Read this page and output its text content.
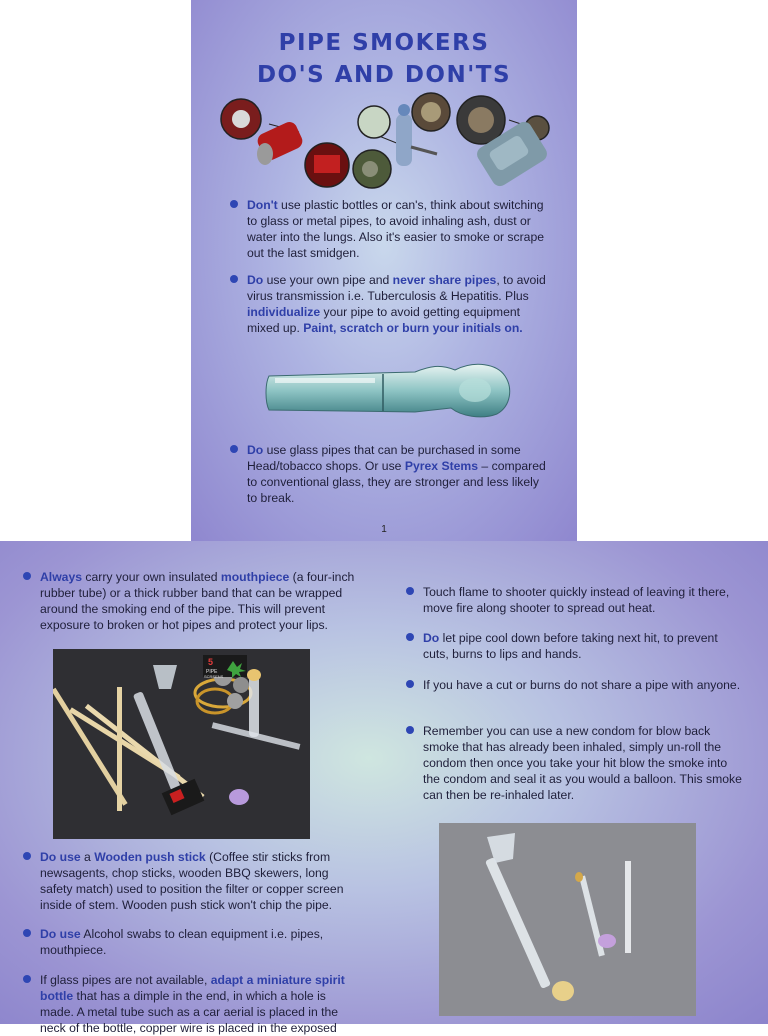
PIPE SMOKERS
DO'S AND DON'TS
Don't use plastic bottles or can's, think about switching to glass or metal pipes, to avoid inhaling ash, dust or water into the lungs. Also it's easier to smoke or scrape out the last smidgen.
Do use your own pipe and never share pipes, to avoid virus transmission i.e. Tuberculosis & Hepatitis. Plus individualize your pipe to avoid getting equipment mixed up. Paint, scratch or burn your initials on.
Do use glass pipes that can be purchased in some Head/tobacco shops. Or use Pyrex Stems – compared to conventional glass, they are stronger and less likely to break.
1
Always carry your own insulated mouthpiece (a four-inch rubber tube) or a thick rubber band that can be wrapped around the smoking end of the pipe. This will prevent exposure to broken or hot pipes and protect your lips.
5
PIPE
SCREENS
Do use a Wooden push stick (Coffee stir sticks from newsagents, chop sticks, wooden BBQ skewers, long safety match) used to position the filter or copper screen inside of stem. Wooden push stick won't chip the pipe.
Do use Alcohol swabs to clean equipment i.e. pipes, mouthpiece.
If glass pipes are not available, adapt a miniature spirit bottle that has a dimple in the end, in which a hole is made. A metal tube such as a car aerial is placed in the neck of the bottle, copper wire is placed in the exposed
Touch flame to shooter quickly instead of leaving it there, move fire along shooter to spread out heat.
Do let pipe cool down before taking next hit, to prevent cuts, burns to lips and hands.
If you have a cut or burns do not share a pipe with anyone.
Remember you can use a new condom for blow back smoke that has already been inhaled, simply un-roll the condom then once you take your hit blow the smoke into the condom and seal it as you would a balloon. This smoke can then be re-inhaled later.
